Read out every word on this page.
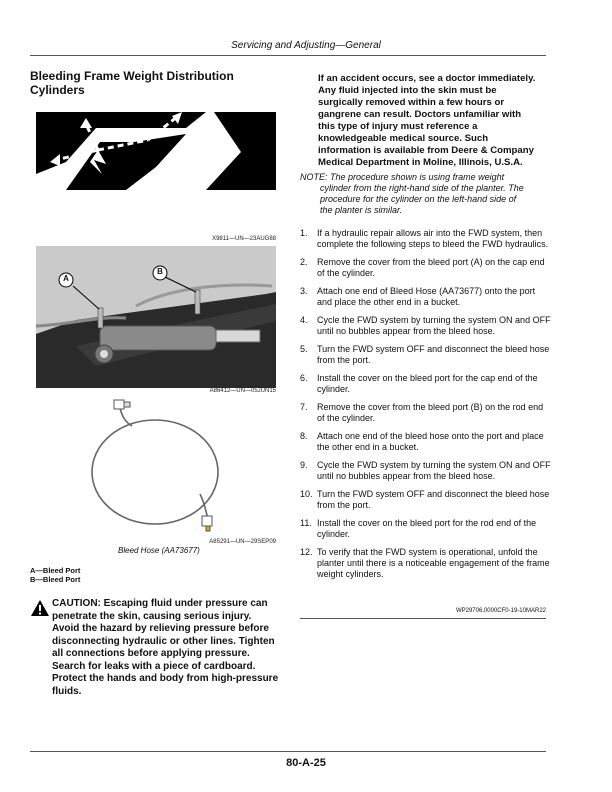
Servicing and Adjusting—General
Bleeding Frame Weight Distribution
Cylinders
X9811—UN—23AUG88
A
B
A86412—UN—05JUN15
A85291—UN—29SEP09
Bleed Hose (AA73677)
A—Bleed Port
B—Bleed Port
CAUTION: Escaping fluid under pressure can
penetrate the skin, causing serious injury.
Avoid the hazard by relieving pressure before
disconnecting hydraulic or other lines. Tighten
all connections before applying pressure.
Search for leaks with a piece of cardboard.
Protect the hands and body from high-pressure
fluids.
If an accident occurs, see a doctor immediately.
Any fluid injected into the skin must be
surgically removed within a few hours or
gangrene can result. Doctors unfamiliar with
this type of injury must reference a
knowledgeable medical source. Such
information is available from Deere & Company
Medical Department in Moline, Illinois, U.S.A.
NOTE: The procedure shown is using frame weight
cylinder from the right-hand side of the planter. The
procedure for the cylinder on the left-hand side of
the planter is similar.
1.	If a hydraulic repair allows air into the FWD system, then complete the following steps to bleed the FWD hydraulics.
2.	Remove the cover from the bleed port (A) on the cap end of the cylinder.
3.	Attach one end of Bleed Hose (AA73677) onto the port and place the other end in a bucket.
4.	Cycle the FWD system by turning the system ON and OFF until no bubbles appear from the bleed hose.
5.	Turn the FWD system OFF and disconnect the bleed hose from the port.
6.	Install the cover on the bleed port for the cap end of the cylinder.
7.	Remove the cover from the bleed port (B) on the rod end of the cylinder.
8.	Attach one end of the bleed hose onto the port and place the other end in a bucket.
9.	Cycle the FWD system by turning the system ON and OFF until no bubbles appear from the bleed hose.
10. Turn the FWD system OFF and disconnect the bleed hose from the port.
11. Install the cover on the bleed port for the rod end of the cylinder.
12. To verify that the FWD system is operational, unfold the planter until there is a noticeable engagement of the frame weight cylinders.
WP29706,0000CF0-19-10MAR22
80-A-25
